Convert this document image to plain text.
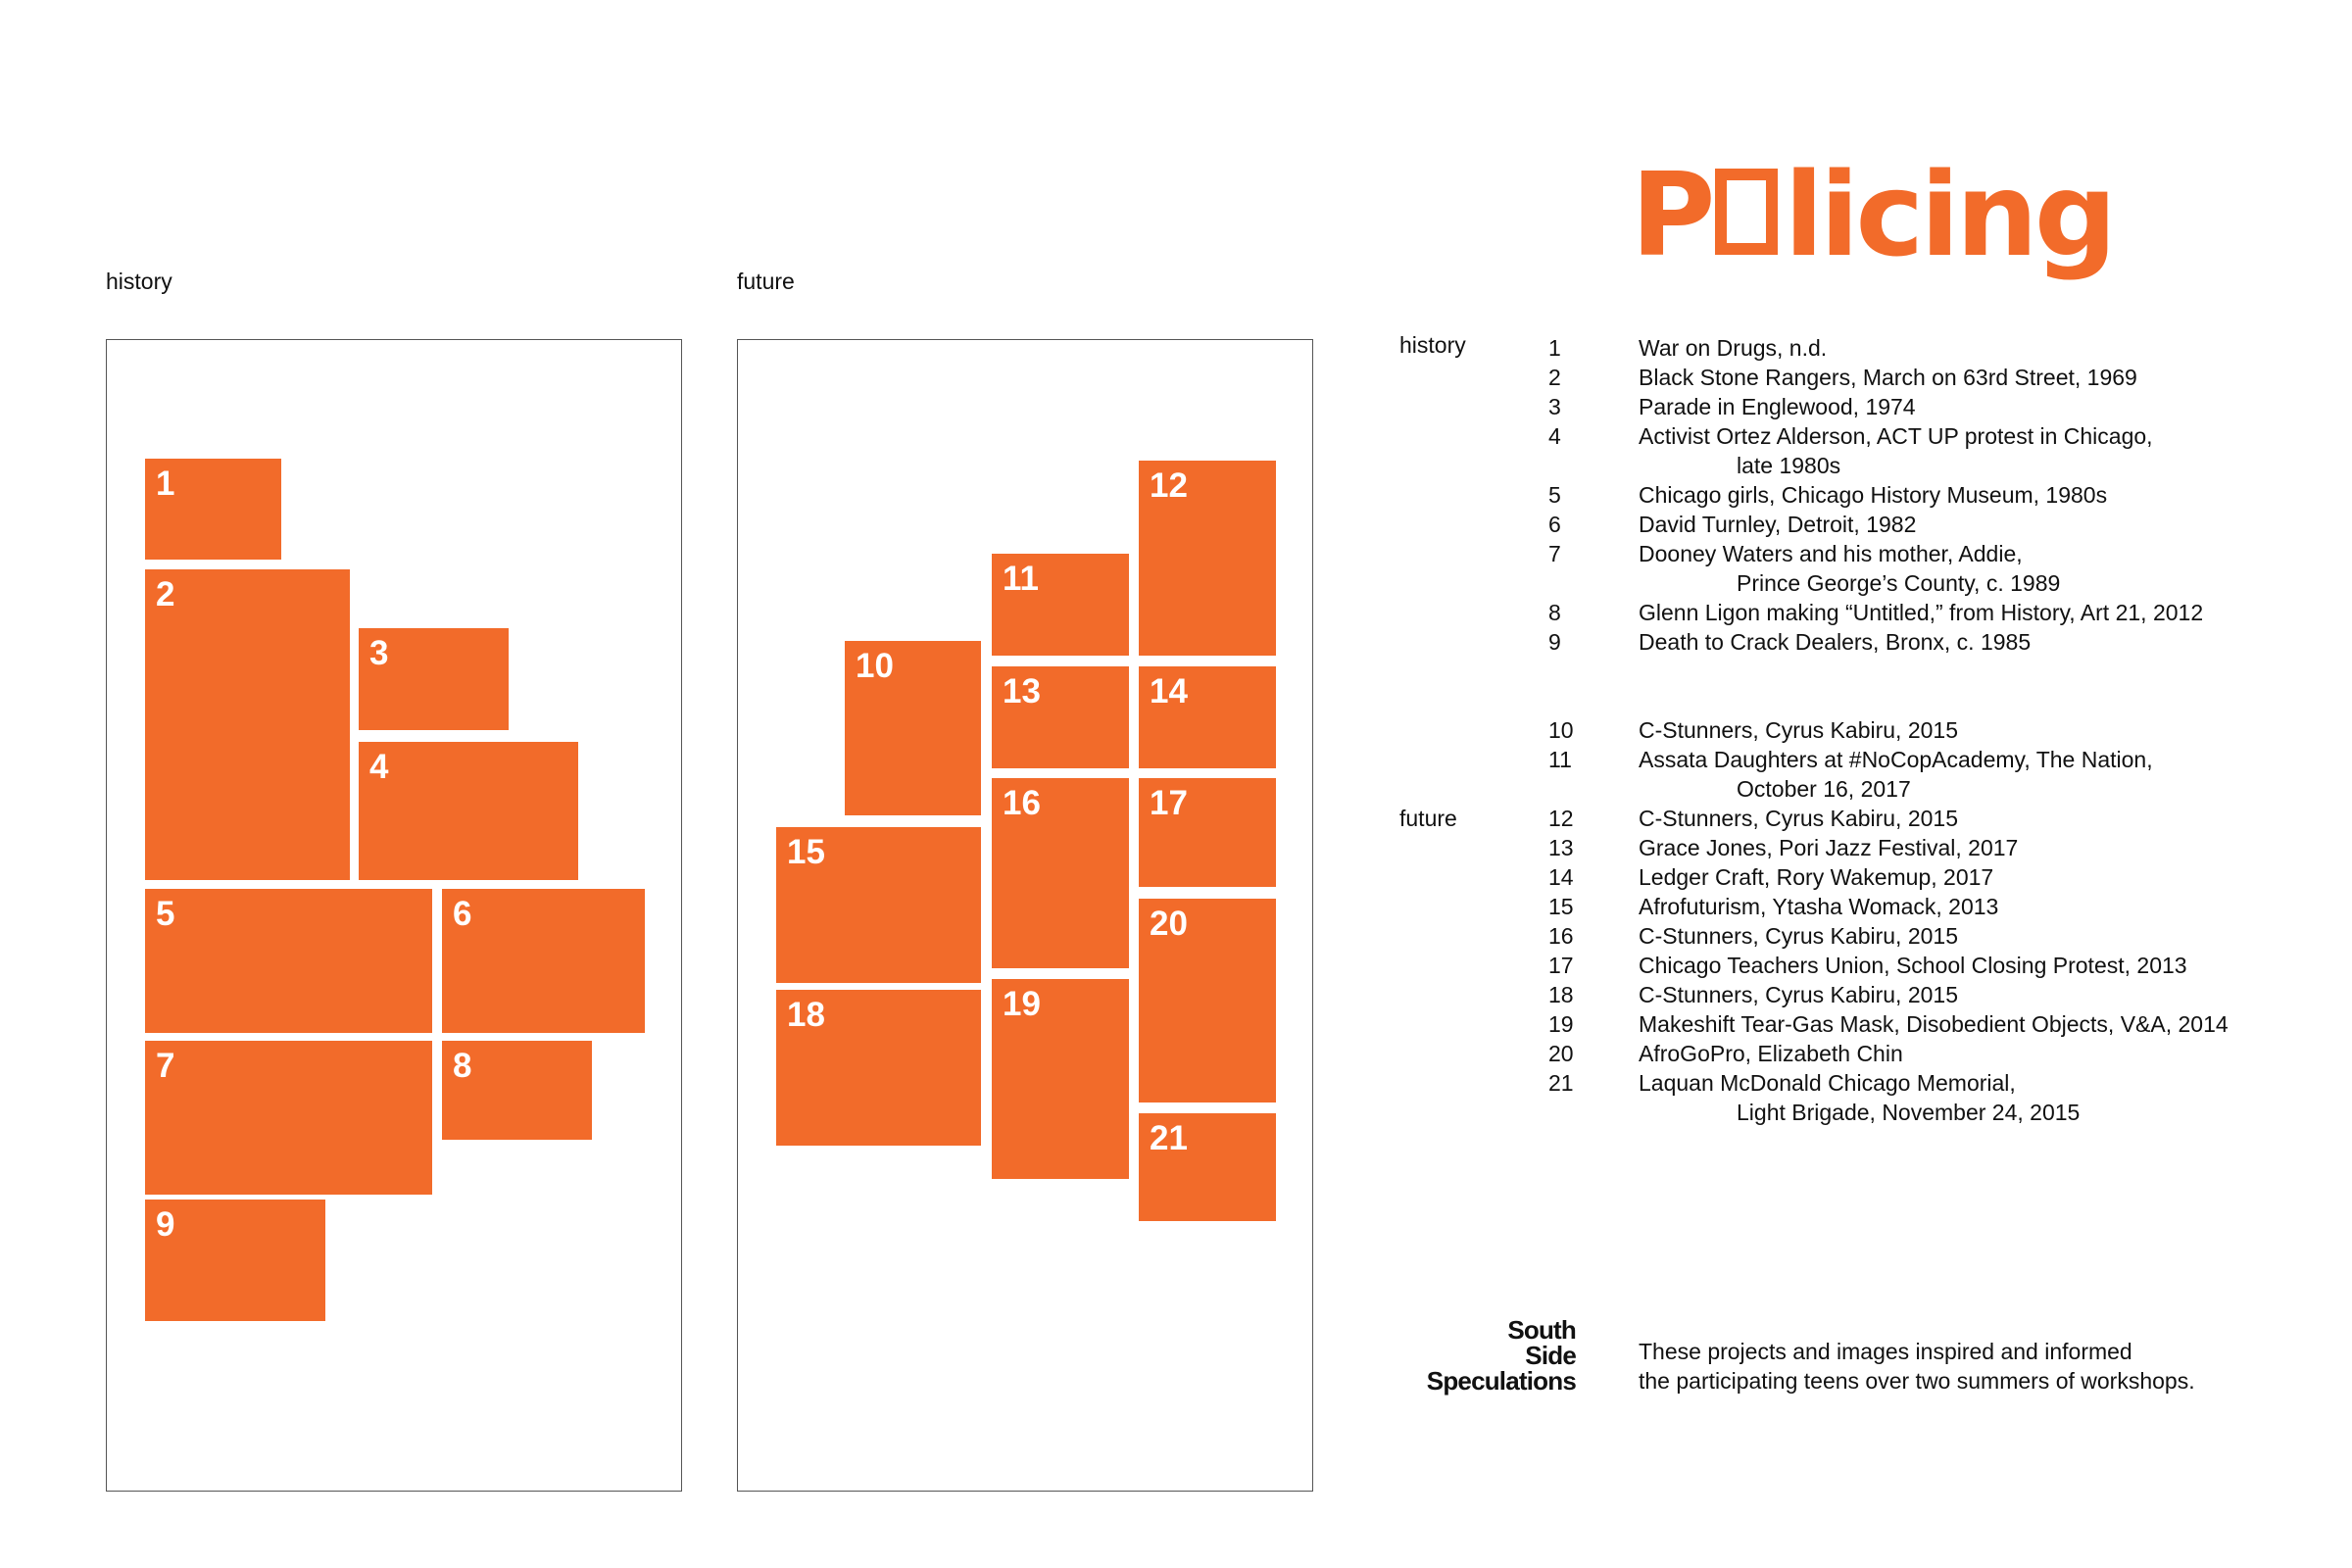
history	future
1
2
3
4
5	6
7	8
9
10
11
12
13	14
15
16	17
18	19
20
21
P licing
history
future
1	War on Drugs, n.d.
2	Black Stone Rangers, March on 63rd Street, 1969
3	Parade in Englewood, 1974
4	Activist Ortez Alderson, ACT UP protest in Chicago,
late 1980s
5	Chicago girls, Chicago History Museum, 1980s
6	David Turnley, Detroit, 1982
7	Dooney Waters and his mother, Addie,
Prince George’s County, c. 1989
8	Glenn Ligon making “Untitled,” from History, Art 21, 2012
9	Death to Crack Dealers, Bronx, c. 1985
10	C-Stunners, Cyrus Kabiru, 2015
11	Assata Daughters at #NoCopAcademy, The Nation,
October 16, 2017
12	C-Stunners, Cyrus Kabiru, 2015
13	Grace Jones, Pori Jazz Festival, 2017
14	Ledger Craft, Rory Wakemup, 2017
15	Afrofuturism, Ytasha Womack, 2013
16	C-Stunners, Cyrus Kabiru, 2015
17	Chicago Teachers Union, School Closing Protest, 2013
18	C-Stunners, Cyrus Kabiru, 2015
19	Makeshift Tear-Gas Mask, Disobedient Objects, V&A, 2014
20	AfroGoPro, Elizabeth Chin
21	Laquan McDonald Chicago Memorial,
Light Brigade, November 24, 2015
South
Side
Speculations
These projects and images inspired and informed
the participating teens over two summers of workshops.
